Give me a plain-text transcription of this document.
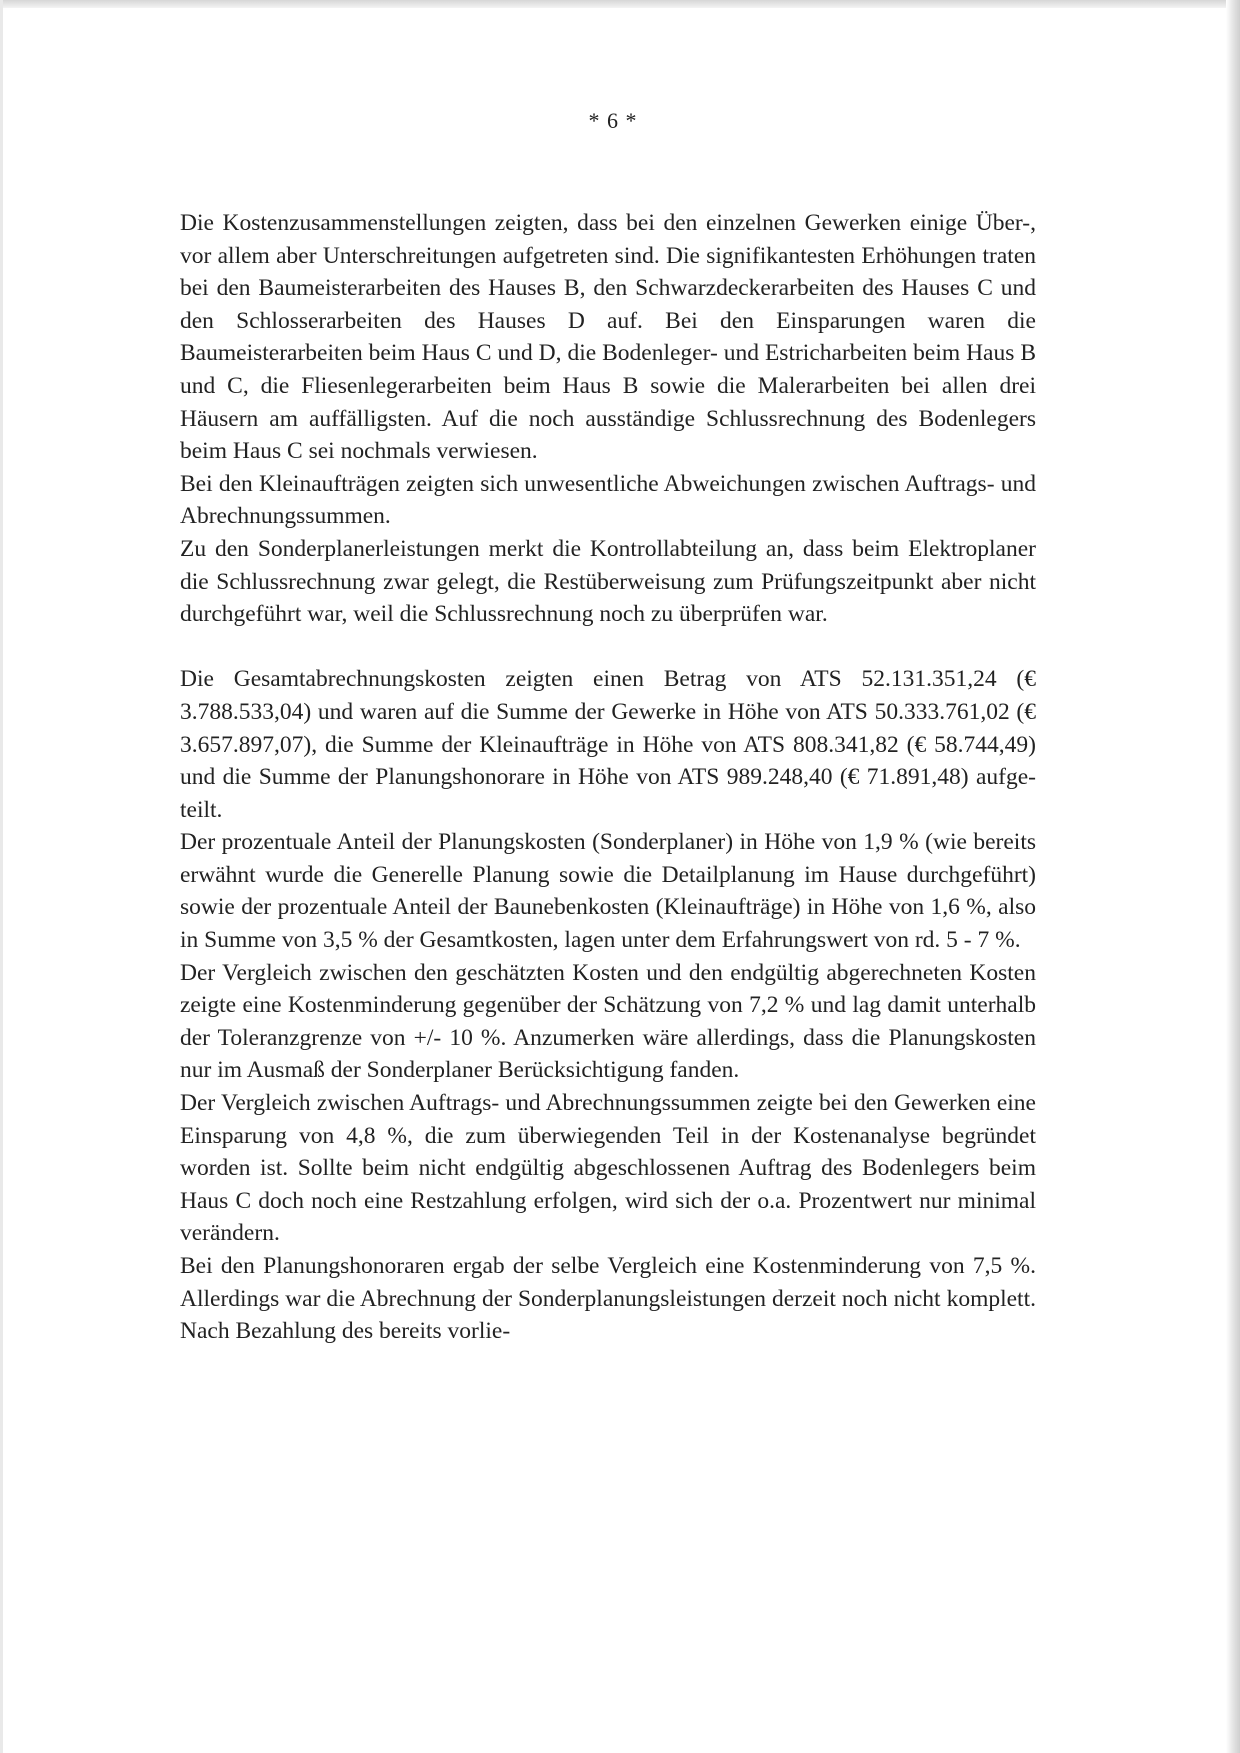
* 6 *

Die Kostenzusammenstellungen zeigten, dass bei den einzelnen Gewerken einige Über-, vor allem aber Unterschreitungen aufgetreten sind. Die signifikantesten Erhöhungen traten bei den Baumeisterarbeiten des Hauses B, den Schwarzdeckerarbeiten des Hauses C und den Schlosserarbeiten des Hauses D auf. Bei den Einsparungen waren die Baumeisterarbeiten beim Haus C und D, die Bodenleger- und Estricharbeiten beim Haus B und C, die Fliesenlegerarbeiten beim Haus B sowie die Malerarbeiten bei allen drei Häusern am auffälligsten. Auf die noch ausständige Schlussrechnung des Bodenlegers beim Haus C sei nochmals verwiesen.

Bei den Kleinaufträgen zeigten sich unwesentliche Abweichungen zwischen Auftrags- und Abrechnungssummen.

Zu den Sonderplanerleistungen merkt die Kontrollabteilung an, dass beim Elektroplaner die Schlussrechnung zwar gelegt, die Restüberweisung zum Prüfungszeitpunkt aber nicht durchgeführt war, weil die Schlussrechnung noch zu überprüfen war.

Die Gesamtabrechnungskosten zeigten einen Betrag von ATS 52.131.351,24 (€ 3.788.533,04) und waren auf die Summe der Gewerke in Höhe von ATS 50.333.761,02 (€ 3.657.897,07), die Summe der Kleinaufträge in Höhe von ATS 808.341,82 (€ 58.744,49) und die Summe der Planungshonorare in Höhe von ATS 989.248,40 (€ 71.891,48) aufgeteilt.

Der prozentuale Anteil der Planungskosten (Sonderplaner) in Höhe von 1,9 % (wie bereits erwähnt wurde die Generelle Planung sowie die Detailplanung im Hause durchgeführt) sowie der prozentuale Anteil der Baunebenkosten (Kleinaufträge) in Höhe von 1,6 %, also in Summe von 3,5 % der Gesamtkosten, lagen unter dem Erfahrungswert von rd. 5 - 7 %.

Der Vergleich zwischen den geschätzten Kosten und den endgültig abgerechneten Kosten zeigte eine Kostenminderung gegenüber der Schätzung von 7,2 % und lag damit unterhalb der Toleranzgrenze von +/- 10 %. Anzumerken wäre allerdings, dass die Planungskosten nur im Ausmaß der Sonderplaner Berücksichtigung fanden.

Der Vergleich zwischen Auftrags- und Abrechnungssummen zeigte bei den Gewerken eine Einsparung von 4,8 %, die zum überwiegenden Teil in der Kostenanalyse begründet worden ist. Sollte beim nicht endgültig abgeschlossenen Auftrag des Bodenlegers beim Haus C doch noch eine Restzahlung erfolgen, wird sich der o.a. Prozentwert nur minimal verändern.

Bei den Planungshonoraren ergab der selbe Vergleich eine Kostenminderung von 7,5 %. Allerdings war die Abrechnung der Sonderplanungsleistungen derzeit noch nicht komplett. Nach Bezahlung des bereits vorlie-
